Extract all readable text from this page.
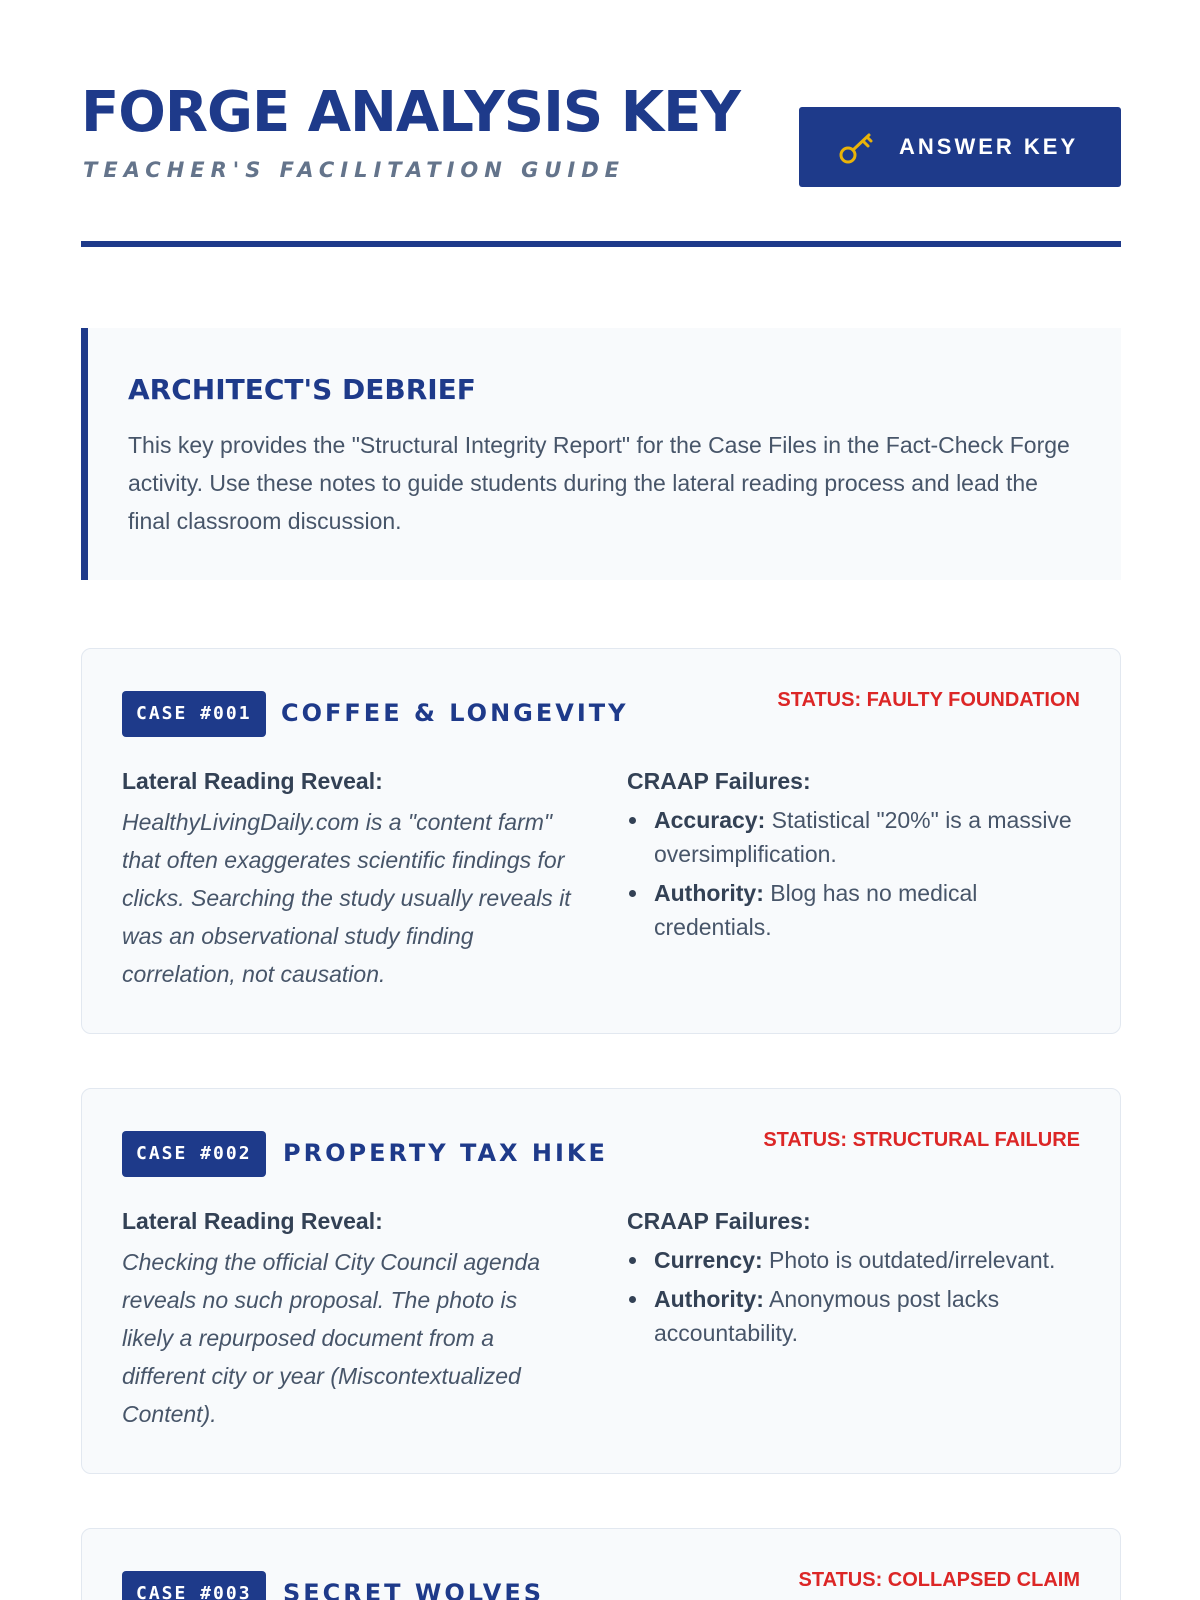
FORGE ANALYSIS KEY
TEACHER'S FACILITATION GUIDE
ANSWER KEY
ARCHITECT'S DEBRIEF

This key provides the "Structural Integrity Report" for the Case Files in the Fact-Check Forge activity. Use these notes to guide students during the lateral reading process and lead the final classroom discussion.

CASE #001	COFFEE & LONGEVITY	STATUS: FAULTY FOUNDATION
Lateral Reading Reveal:
HealthyLivingDaily.com is a "content farm" that often exaggerates scientific findings for clicks. Searching the study usually reveals it was an observational study finding correlation, not causation.
CRAAP Failures:
Accuracy: Statistical "20%" is a massive oversimplification.
Authority: Blog has no medical credentials.
CASE #002	PROPERTY TAX HIKE	STATUS: STRUCTURAL FAILURE
Lateral Reading Reveal:
Checking the official City Council agenda reveals no such proposal. The photo is likely a repurposed document from a different city or year (Miscontextualized Content).
CRAAP Failures:
Currency: Photo is outdated/irrelevant.
Authority: Anonymous post lacks accountability.
CASE #003	SECRET WOLVES	STATUS: COLLAPSED CLAIM
